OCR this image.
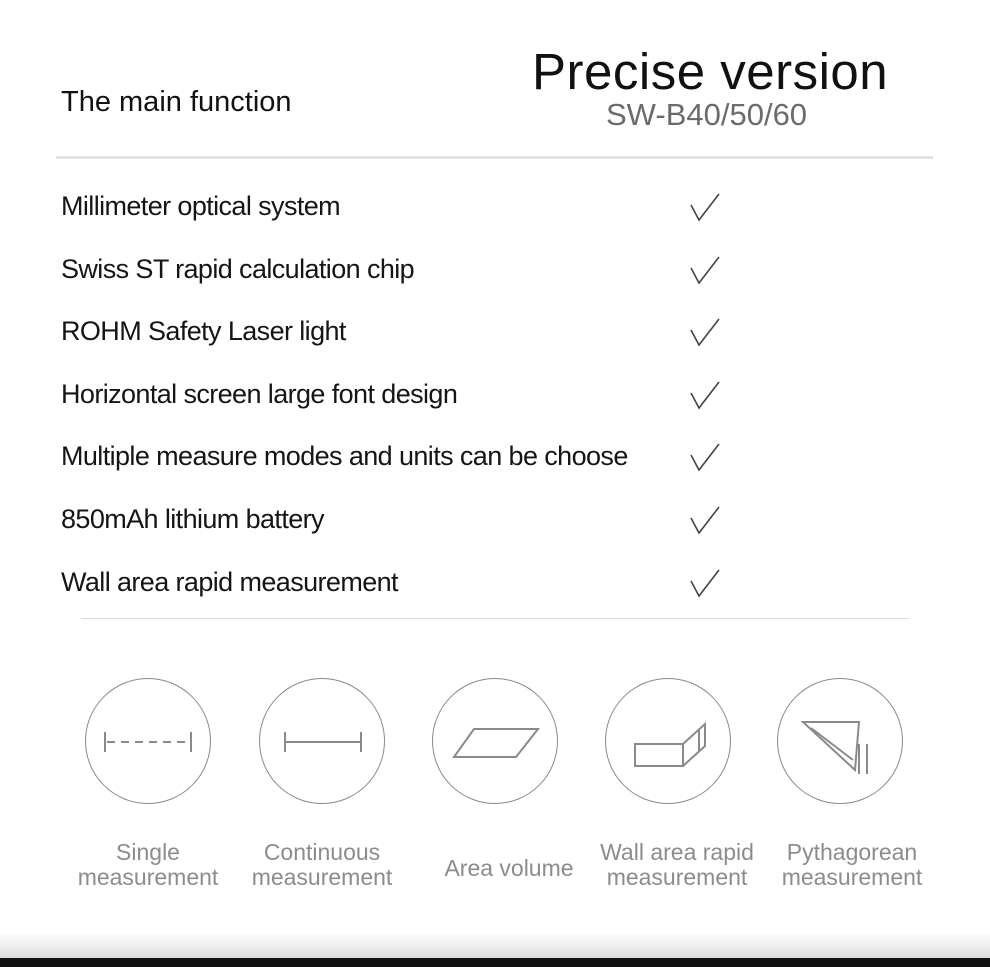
The main function
Precise version
SW-B40/50/60
Millimeter optical system
Swiss ST rapid calculation chip
ROHM Safety Laser light
Horizontal screen large font design
Multiple measure modes and units can be choose
850mAh lithium battery
Wall area rapid measurement
Single
measurement
Continuous
measurement	Area volume
Wall area rapid
measurement
Pythagorean
measurement
